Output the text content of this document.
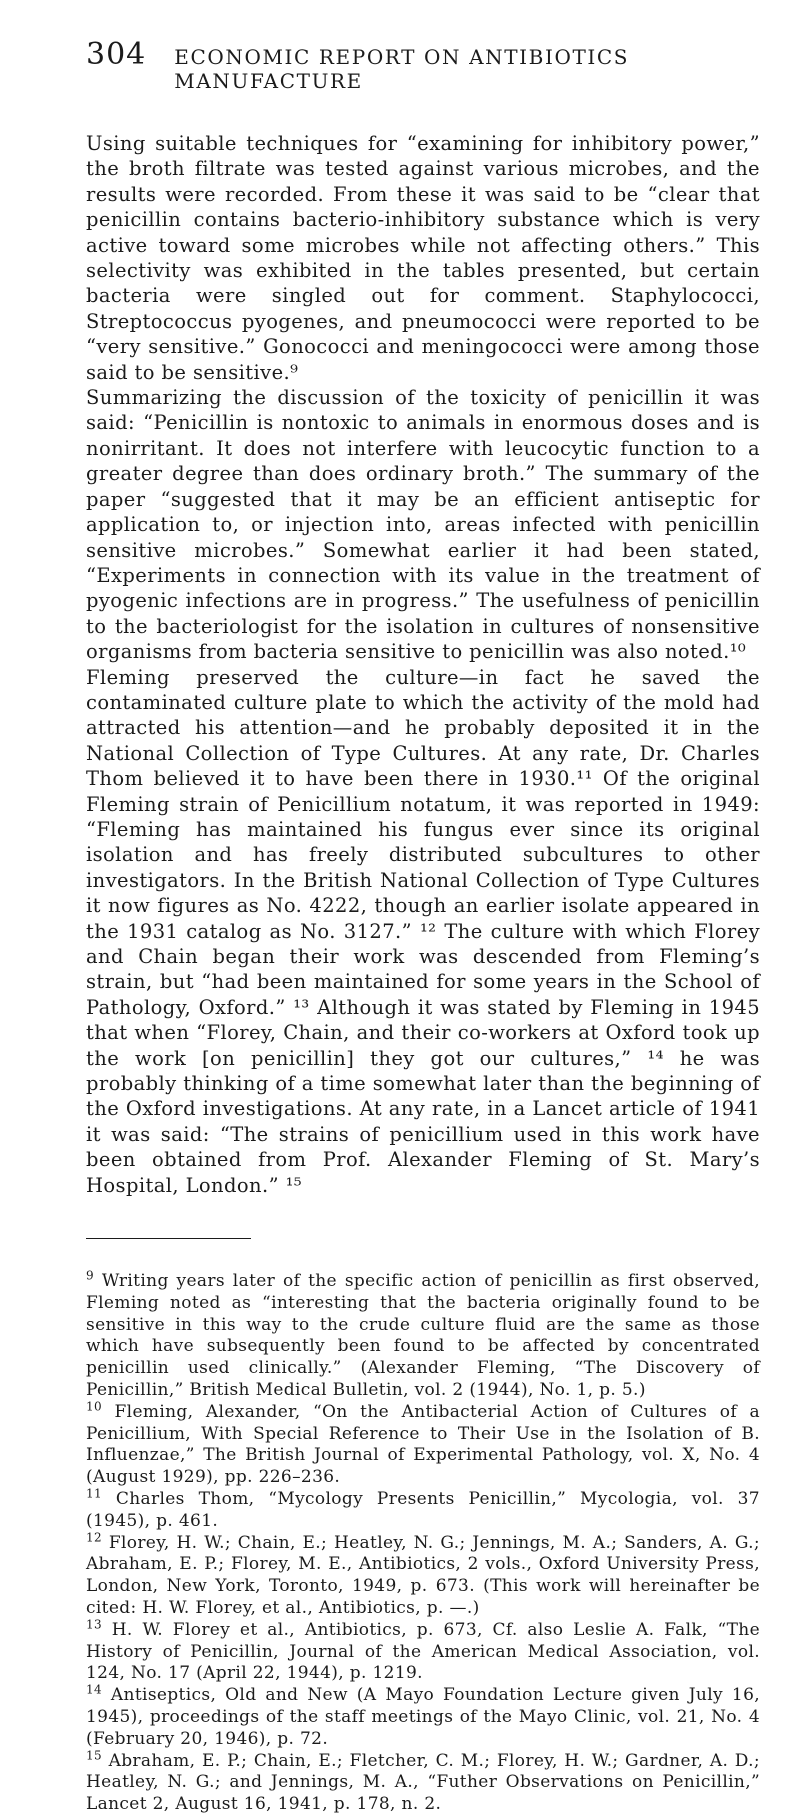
304 ECONOMIC REPORT ON ANTIBIOTICS MANUFACTURE

Using suitable techniques for “examining for inhibitory power,” the broth filtrate was tested against various microbes, and the results were recorded. From these it was said to be “clear that penicillin contains bacterio-inhibitory substance which is very active toward some microbes while not affecting others.” This selectivity was exhibited in the tables presented, but certain bacteria were singled out for comment. Staphylococci, Streptococcus pyogenes, and pneumococci were reported to be “very sensitive.” Gonococci and meningococci were among those said to be sensitive.⁹

Summarizing the discussion of the toxicity of penicillin it was said: “Penicillin is nontoxic to animals in enormous doses and is nonirritant. It does not interfere with leucocytic function to a greater degree than does ordinary broth.” The summary of the paper “suggested that it may be an efficient antiseptic for application to, or injection into, areas infected with penicillin sensitive microbes.” Somewhat earlier it had been stated, “Experiments in connection with its value in the treatment of pyogenic infections are in progress.” The usefulness of penicillin to the bacteriologist for the isolation in cultures of nonsensitive organisms from bacteria sensitive to penicillin was also noted.¹⁰

Fleming preserved the culture—in fact he saved the contaminated culture plate to which the activity of the mold had attracted his attention—and he probably deposited it in the National Collection of Type Cultures. At any rate, Dr. Charles Thom believed it to have been there in 1930.¹¹ Of the original Fleming strain of Penicillium notatum, it was reported in 1949: “Fleming has maintained his fungus ever since its original isolation and has freely distributed subcultures to other investigators. In the British National Collection of Type Cultures it now figures as No. 4222, though an earlier isolate appeared in the 1931 catalog as No. 3127.” ¹² The culture with which Florey and Chain began their work was descended from Fleming’s strain, but “had been maintained for some years in the School of Pathology, Oxford.” ¹³ Although it was stated by Fleming in 1945 that when “Florey, Chain, and their co-workers at Oxford took up the work [on penicillin] they got our cultures,” ¹⁴ he was probably thinking of a time somewhat later than the beginning of the Oxford investigations. At any rate, in a Lancet article of 1941 it was said: “The strains of penicillium used in this work have been obtained from Prof. Alexander Fleming of St. Mary’s Hospital, London.” ¹⁵

$^9$ Writing years later of the specific action of penicillin as first observed, Fleming noted as “interesting that the bacteria originally found to be sensitive in this way to the crude culture fluid are the same as those which have subsequently been found to be affected by concentrated penicillin used clinically.” (Alexander Fleming, “The Discovery of Penicillin,” British Medical Bulletin, vol. 2 (1944), No. 1, p. 5.)

$^{10}$ Fleming, Alexander, “On the Antibacterial Action of Cultures of a Penicillium, With Special Reference to Their Use in the Isolation of B. Influenzae,” The British Journal of Experimental Pathology, vol. X, No. 4 (August 1929), pp. 226–236.

$^{11}$ Charles Thom, “Mycology Presents Penicillin,” Mycologia, vol. 37 (1945), p. 461.

$^{12}$ Florey, H. W.; Chain, E.; Heatley, N. G.; Jennings, M. A.; Sanders, A. G.; Abraham, E. P.; Florey, M. E., Antibiotics, 2 vols., Oxford University Press, London, New York, Toronto, 1949, p. 673. (This work will hereinafter be cited: H. W. Florey, et al., Antibiotics, p. —.)

$^{13}$ H. W. Florey et al., Antibiotics, p. 673, Cf. also Leslie A. Falk, “The History of Penicillin, Journal of the American Medical Association, vol. 124, No. 17 (April 22, 1944), p. 1219.

$^{14}$ Antiseptics, Old and New (A Mayo Foundation Lecture given July 16, 1945), proceedings of the staff meetings of the Mayo Clinic, vol. 21, No. 4 (February 20, 1946), p. 72.

$^{15}$ Abraham, E. P.; Chain, E.; Fletcher, C. M.; Florey, H. W.; Gardner, A. D.; Heatley, N. G.; and Jennings, M. A., “Futher Observations on Penicillin,” Lancet 2, August 16, 1941, p. 178, n. 2.
